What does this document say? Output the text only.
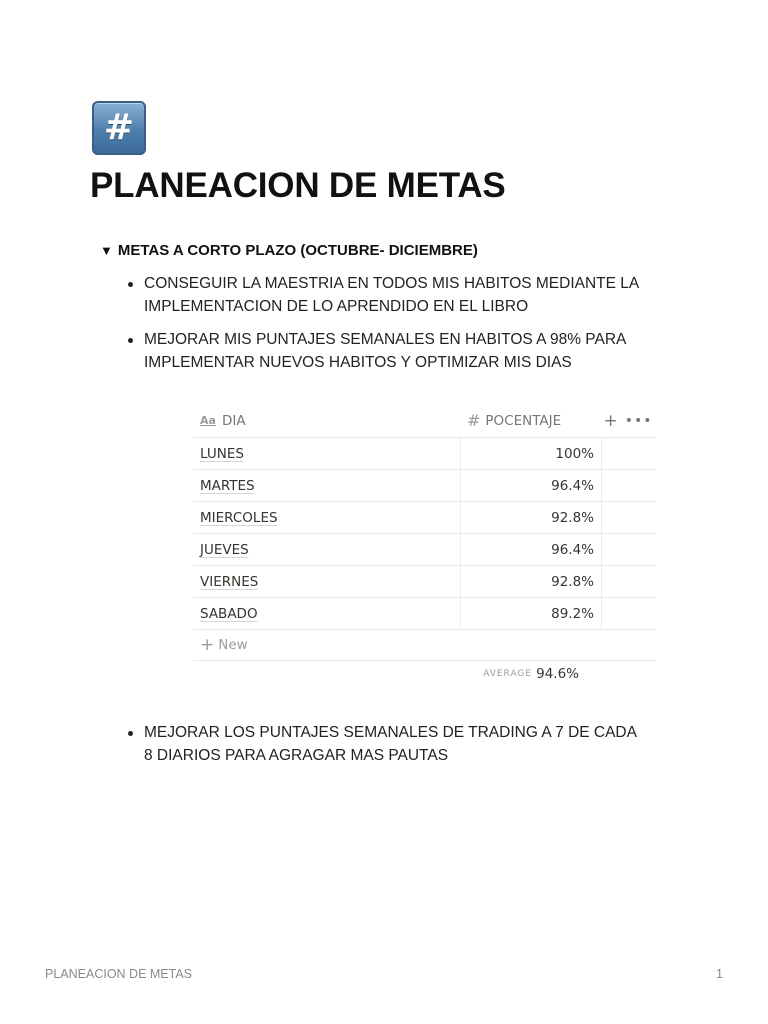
#
PLANEACION DE METAS
▼ METAS A CORTO PLAZO (OCTUBRE- DICIEMBRE)
CONSEGUIR LA MAESTRIA EN TODOS MIS HABITOS MEDIANTE LA IMPLEMENTACION DE LO APRENDIDO EN EL LIBRO
MEJORAR MIS PUNTAJES SEMANALES EN HABITOS A 98% PARA IMPLEMENTAR NUEVOS HABITOS Y OPTIMIZAR MIS DIAS
Aa DIA	# POCENTAJE + •••
LUNES	100%
MARTES	96.4%
MIERCOLES	92.8%
JUEVES	96.4%
VIERNES	92.8%
SABADO	89.2%
+ New
AVERAGE 94.6%
MEJORAR LOS PUNTAJES SEMANALES DE TRADING A 7 DE CADA 8 DIARIOS PARA AGRAGAR MAS PAUTAS
PLANEACION DE METAS	1
